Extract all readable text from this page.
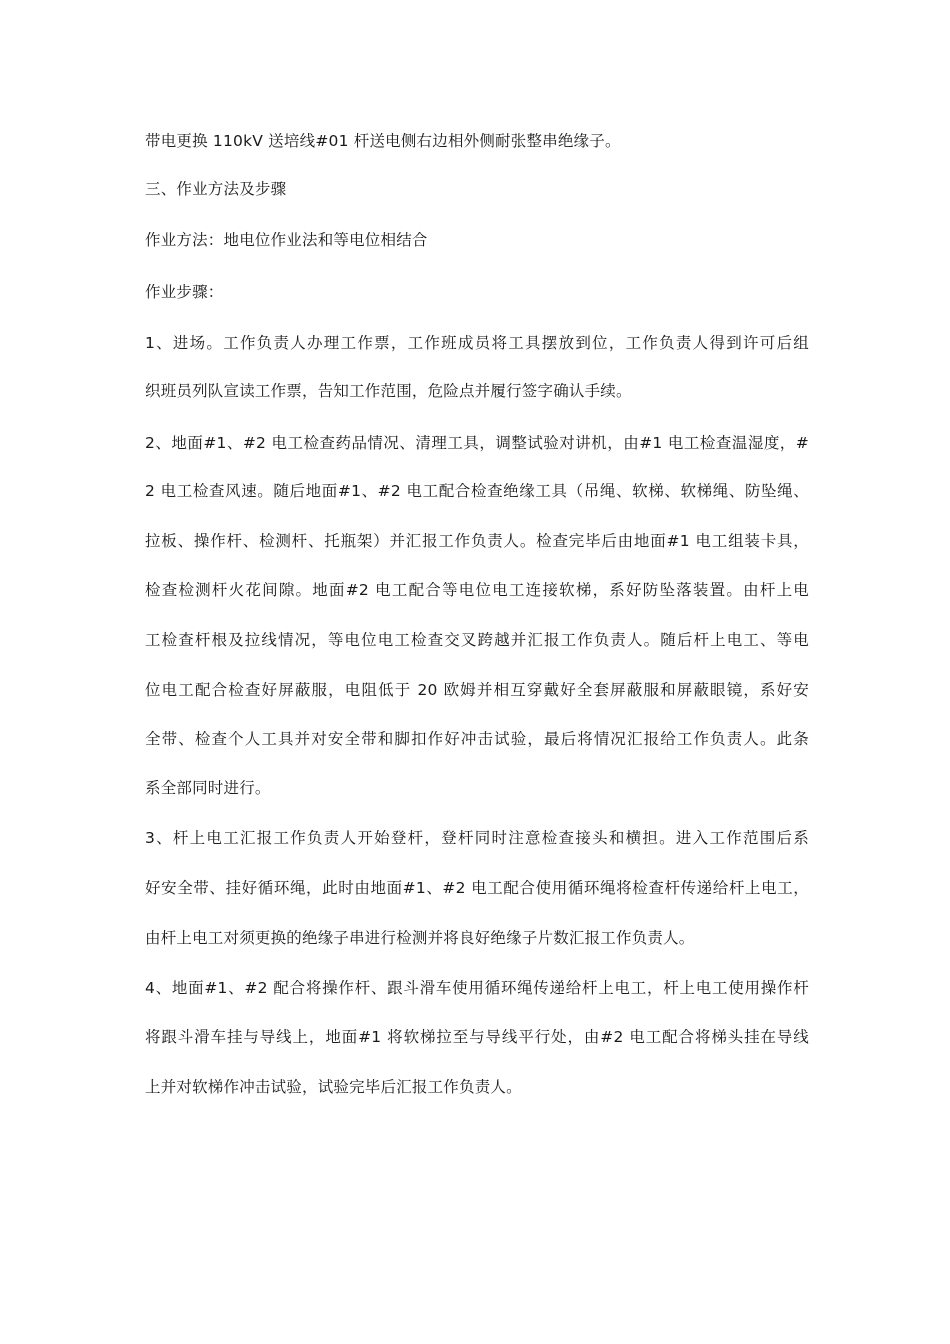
带电更换 110kV 送培线#01 杆送电侧右边相外侧耐张整串绝缘子。
三、作业方法及步骤
作业方法：地电位作业法和等电位相结合
作业步骤：
1、进场。工作负责人办理工作票，工作班成员将工具摆放到位，工作负责人得到许可后组
织班员列队宣读工作票，告知工作范围，危险点并履行签字确认手续。
2、地面#1、#2 电工检查药品情况、清理工具，调整试验对讲机，由#1 电工检查温湿度，#
2 电工检查风速。随后地面#1、#2 电工配合检查绝缘工具（吊绳、软梯、软梯绳、防坠绳、
拉板、操作杆、检测杆、托瓶架）并汇报工作负责人。检查完毕后由地面#1 电工组装卡具，
检查检测杆火花间隙。地面#2 电工配合等电位电工连接软梯，系好防坠落装置。由杆上电
工检查杆根及拉线情况，等电位电工检查交叉跨越并汇报工作负责人。随后杆上电工、等电
位电工配合检查好屏蔽服，电阻低于 20 欧姆并相互穿戴好全套屏蔽服和屏蔽眼镜，系好安
全带、检查个人工具并对安全带和脚扣作好冲击试验，最后将情况汇报给工作负责人。此条
系全部同时进行。
3、杆上电工汇报工作负责人开始登杆，登杆同时注意检查接头和横担。进入工作范围后系
好安全带、挂好循环绳，此时由地面#1、#2 电工配合使用循环绳将检查杆传递给杆上电工，
由杆上电工对须更换的绝缘子串进行检测并将良好绝缘子片数汇报工作负责人。
4、地面#1、#2 配合将操作杆、跟斗滑车使用循环绳传递给杆上电工，杆上电工使用操作杆
将跟斗滑车挂与导线上，地面#1 将软梯拉至与导线平行处，由#2 电工配合将梯头挂在导线
上并对软梯作冲击试验，试验完毕后汇报工作负责人。
